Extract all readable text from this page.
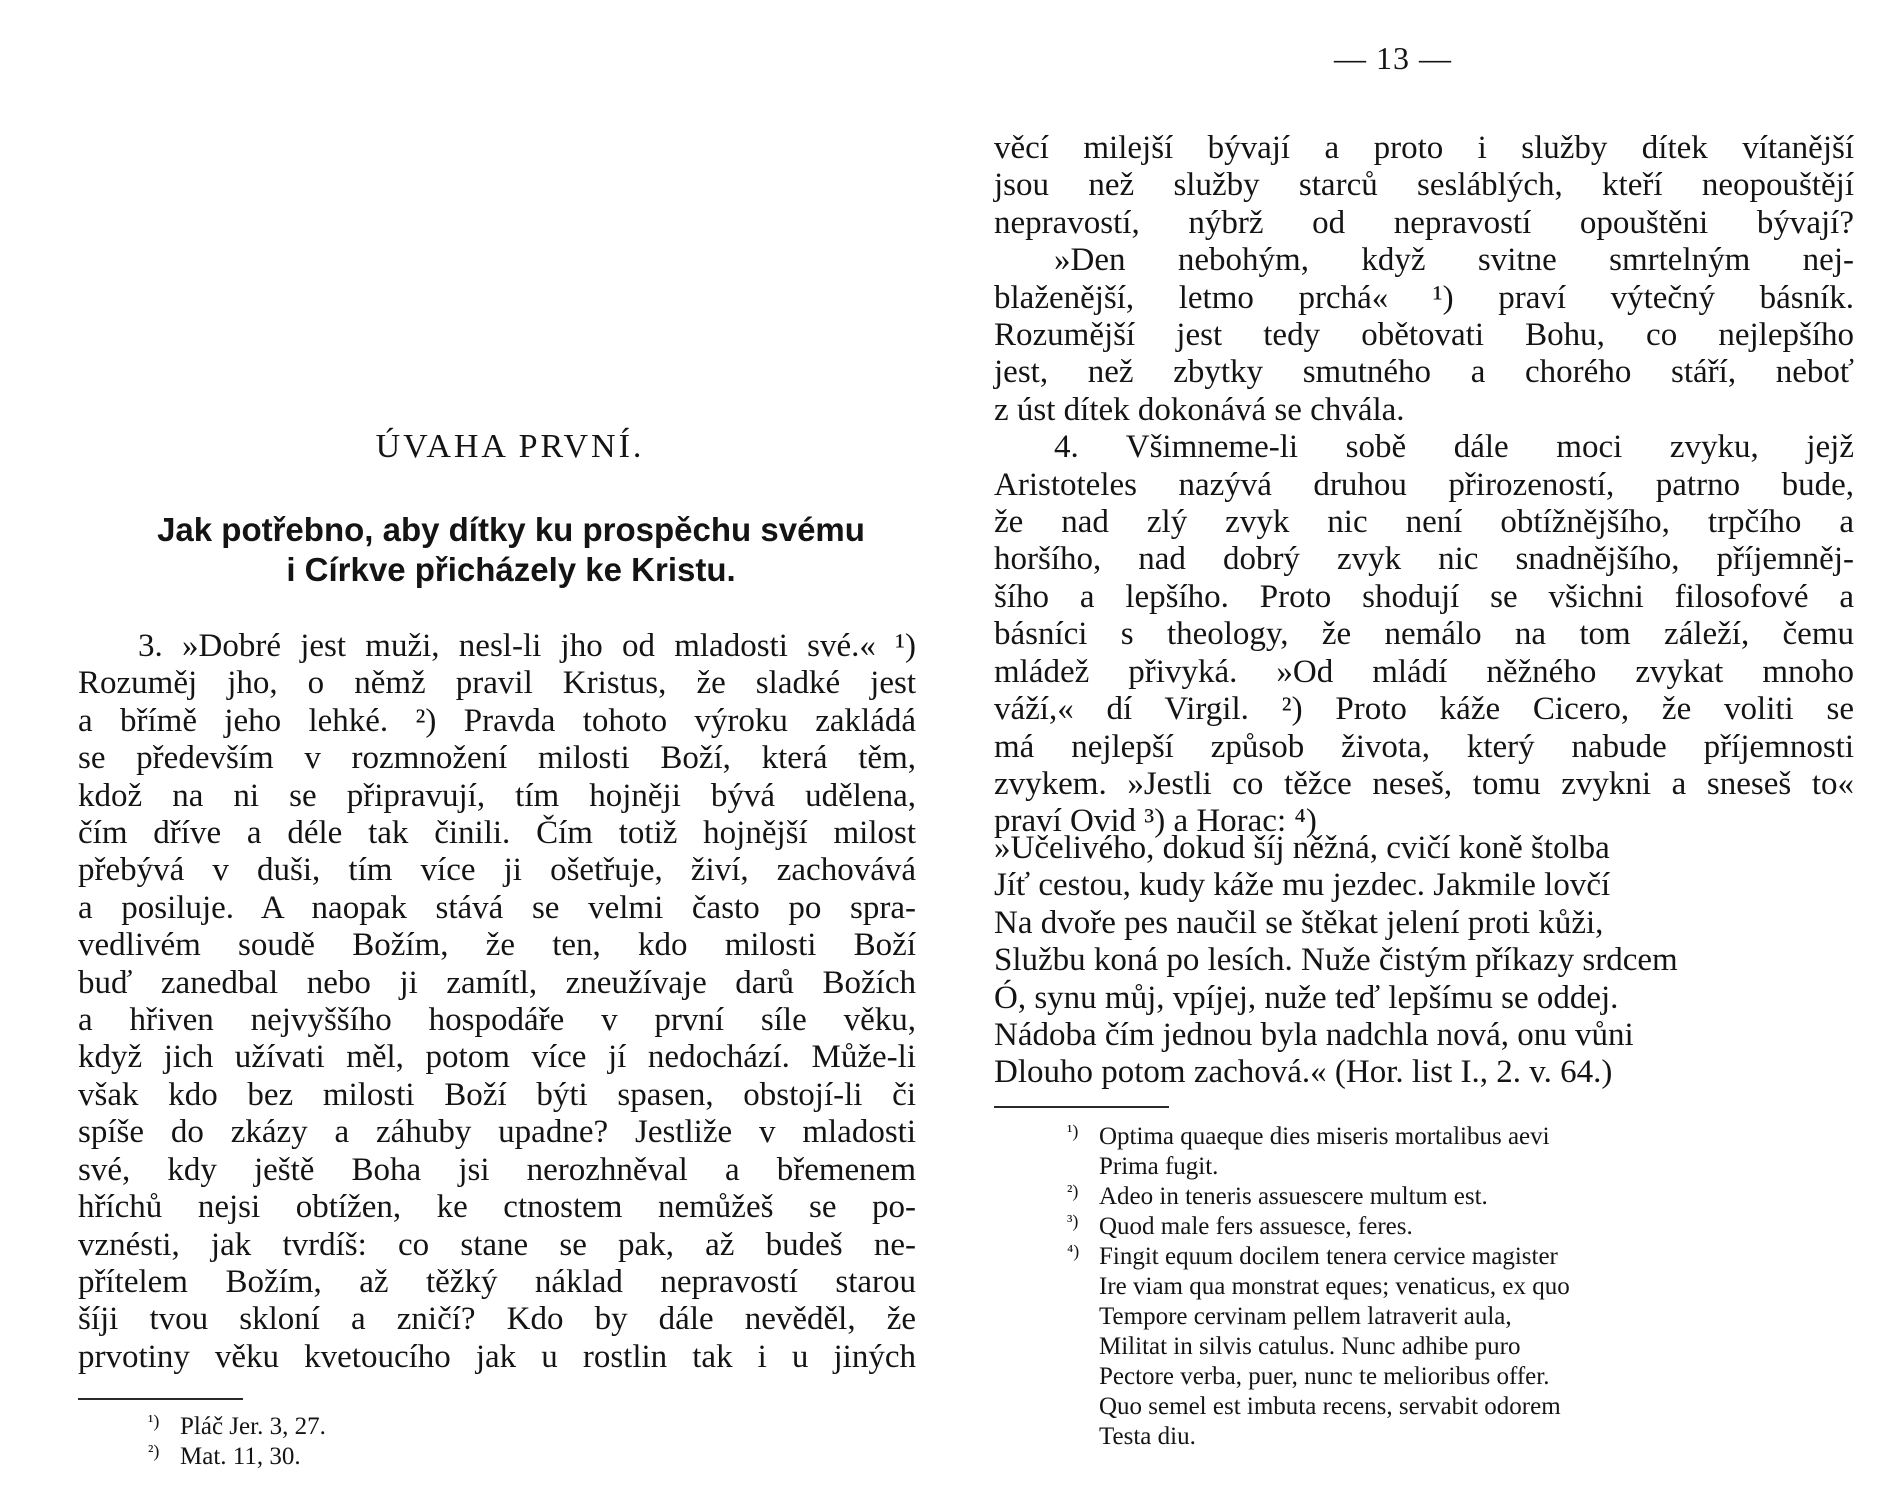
ÚVAHA PRVNÍ.
Jak potřebno, aby dítky ku prospěchu svému
i Církve přicházely ke Kristu.
3. »Dobré jest muži, nesl-li jho od mladosti své.« ¹)
Rozuměj jho, o němž pravil Kristus, že sladké jest
a břímě jeho lehké. ²) Pravda tohoto výroku zakládá
se především v rozmnožení milosti Boží, která těm,
kdož na ni se připravují, tím hojněji bývá udělena,
čím dříve a déle tak činili. Čím totiž hojnější milost
přebývá v duši, tím více ji ošetřuje, živí, zachovává
a posiluje. A naopak stává se velmi často po spra-
vedlivém soudě Božím, že ten, kdo milosti Boží
buď zanedbal nebo ji zamítl, zneužívaje darů Božích
a hřiven nejvyššího hospodáře v první síle věku,
když jich užívati měl, potom více jí nedochází. Může-li
však kdo bez milosti Boží býti spasen, obstojí-li či
spíše do zkázy a záhuby upadne? Jestliže v mladosti
své, kdy ještě Boha jsi nerozhněval a břemenem
hříchů nejsi obtížen, ke ctnostem nemůžeš se po-
vznésti, jak tvrdíš: co stane se pak, až budeš ne-
přítelem Božím, až těžký náklad nepravostí starou
šíji tvou skloní a zničí? Kdo by dále nevěděl, že
prvotiny věku kvetoucího jak u rostlin tak i u jiných
¹) Pláč Jer. 3, 27.
²) Mat. 11, 30.
— 13 —
věcí milejší bývají a proto i služby dítek vítanější
jsou než služby starců sesláblých, kteří neopouštějí
nepravostí, nýbrž od nepravostí opouštěni bývají?
»Den nebohým, když svitne smrtelným nej-
blaženější, letmo prchá« ¹) praví výtečný básník.
Rozumější jest tedy obětovati Bohu, co nejlepšího
jest, než zbytky smutného a chorého stáří, neboť
z úst dítek dokonává se chvála.
4. Všimneme-li sobě dále moci zvyku, jejž
Aristoteles nazývá druhou přirozeností, patrno bude,
že nad zlý zvyk nic není obtížnějšího, trpčího a
horšího, nad dobrý zvyk nic snadnějšího, příjemněj-
šího a lepšího. Proto shodují se všichni filosofové a
básníci s theology, že nemálo na tom záleží, čemu
mládež přivyká. »Od mládí něžného zvykat mnoho
váží,« dí Virgil. ²) Proto káže Cicero, že voliti se
má nejlepší způsob života, který nabude příjemnosti
zvykem. »Jestli co těžce neseš, tomu zvykni a sneseš to«
praví Ovid ³) a Horac: ⁴)
»Učelivého, dokud šíj něžná, cvičí koně štolba
Jíť cestou, kudy káže mu jezdec. Jakmile lovčí
Na dvoře pes naučil se štěkat jelení proti kůži,
Službu koná po lesích. Nuže čistým příkazy srdcem
Ó, synu můj, vpíjej, nuže teď lepšímu se oddej.
Nádoba čím jednou byla nadchla nová, onu vůni
Dlouho potom zachová.« (Hor. list I., 2. v. 64.)
¹) Optima quaeque dies miseris mortalibus aevi
Prima fugit.
²) Adeo in teneris assuescere multum est.
³) Quod male fers assuesce, feres.
⁴) Fingit equum docilem tenera cervice magister
Ire viam qua monstrat eques; venaticus, ex quo
Tempore cervinam pellem latraverit aula,
Militat in silvis catulus. Nunc adhibe puro
Pectore verba, puer, nunc te melioribus offer.
Quo semel est imbuta recens, servabit odorem
Testa diu.
